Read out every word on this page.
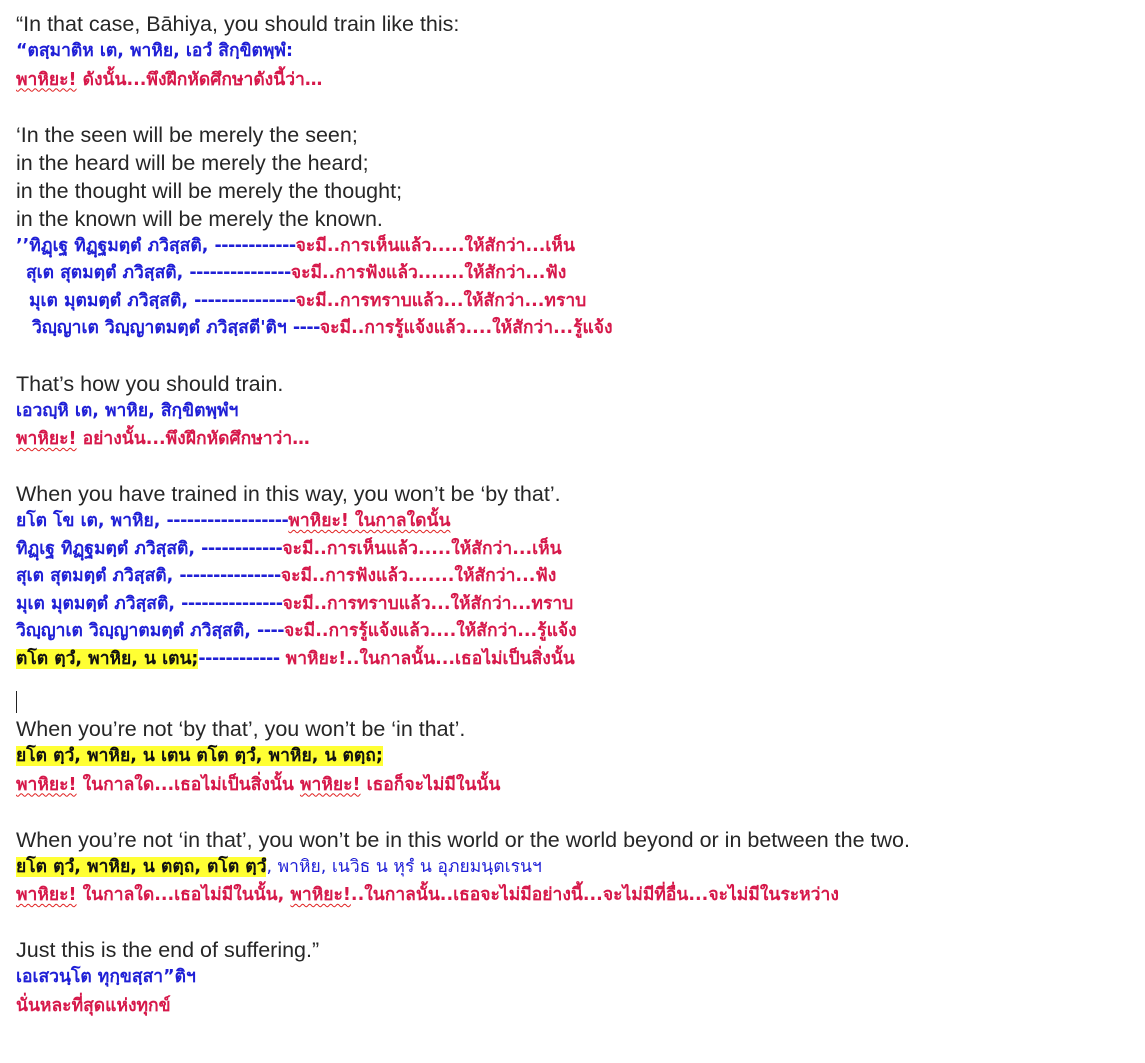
“In that case, Bāhiya, you should train like this:
“ตสฺมาติห เต, พาหิย, เอวํ สิกฺขิตพฺพํ:
พาหิยะ! ดังนั้น...พึงฝึกหัดศึกษาดังนี้ว่า…
‘In the seen will be merely the seen;
in the heard will be merely the heard;
in the thought will be merely the thought;
in the known will be merely the known.
’’ทิฏฺเฐ ทิฏฺฐมตฺตํ ภวิสฺสติ, ------------จะมี..การเห็นแล้ว.....ให้สักว่า...เห็น
สุเต สุตมตฺตํ ภวิสฺสติ, ---------------จะมี..การฟังแล้ว.......ให้สักว่า...ฟัง
มุเต มุตมตฺตํ ภวิสฺสติ, ---------------จะมี..การทราบแล้ว...ให้สักว่า...ทราบ
วิญฺญาเต วิญฺญาตมตฺตํ ภวิสฺสตี'ติฯ ----จะมี..การรู้แจ้งแล้ว....ให้สักว่า...รู้แจ้ง
That’s how you should train.
เอวญฺหิ เต, พาหิย, สิกฺขิตพฺพํฯ
พาหิยะ! อย่างนั้น...พึงฝึกหัดศึกษาว่า…
When you have trained in this way, you won’t be ‘by that’.
ยโต โข เต, พาหิย, ------------------พาหิยะ! ในกาลใดนั้น
ทิฏฺเฐ ทิฏฺฐมตฺตํ ภวิสฺสติ, ------------จะมี..การเห็นแล้ว.....ให้สักว่า...เห็น
สุเต สุตมตฺตํ ภวิสฺสติ, ---------------จะมี..การฟังแล้ว.......ให้สักว่า...ฟัง
มุเต มุตมตฺตํ ภวิสฺสติ, ---------------จะมี..การทราบแล้ว...ให้สักว่า...ทราบ
วิญฺญาเต วิญฺญาตมตฺตํ ภวิสฺสติ, ----จะมี..การรู้แจ้งแล้ว....ให้สักว่า...รู้แจ้ง
ตโต ตฺวํ, พาหิย, น เตน;------------ พาหิยะ!..ในกาลนั้น...เธอไม่เป็นสิ่งนั้น
When you’re not ‘by that’, you won’t be ‘in that’.
ยโต ตฺวํ, พาหิย, น เตน ตโต ตฺวํ, พาหิย, น ตตฺถ;
พาหิยะ! ในกาลใด...เธอไม่เป็นสิ่งนั้น พาหิยะ! เธอก็จะไม่มีในนั้น
When you’re not ‘in that’, you won’t be in this world or the world beyond or in between the two.
ยโต ตฺวํ, พาหิย, น ตตฺถ, ตโต ตฺวํ, พาหิย, เนวิธ น หุรํ น อุภยมนฺตเรนฯ
พาหิยะ! ในกาลใด...เธอไม่มีในนั้น, พาหิยะ!..ในกาลนั้น..เธอจะไม่มีอย่างนี้...จะไม่มีที่อื่น...จะไม่มีในระหว่าง
Just this is the end of suffering.”
เอเสวนฺโต ทุกฺขสฺสา”ติฯ
นั่นหละที่สุดแห่งทุกข์
